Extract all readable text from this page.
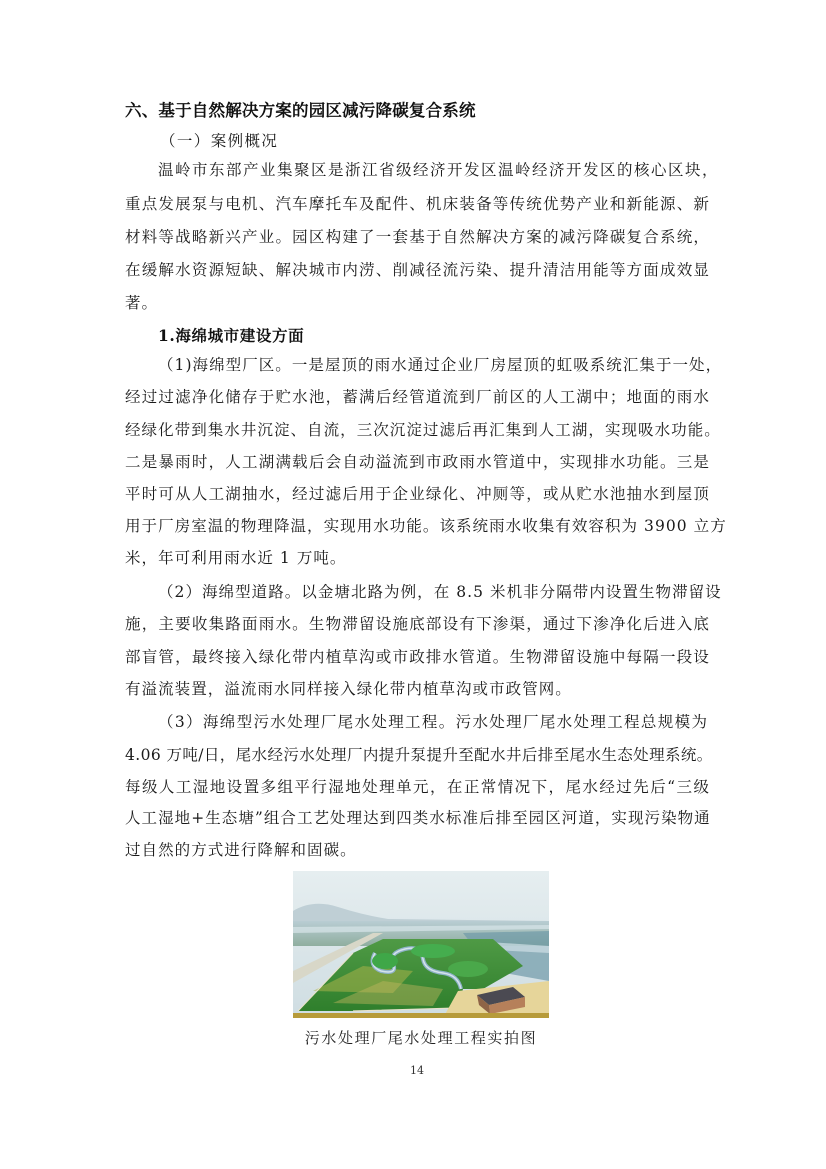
六、基于自然解决方案的园区减污降碳复合系统
（一）案例概况
温岭市东部产业集聚区是浙江省级经济开发区温岭经济开发区的核心区块，
重点发展泵与电机、汽车摩托车及配件、机床装备等传统优势产业和新能源、新
材料等战略新兴产业。园区构建了一套基于自然解决方案的减污降碳复合系统，
在缓解水资源短缺、解决城市内涝、削减径流污染、提升清洁用能等方面成效显
著。
1.海绵城市建设方面
（1)海绵型厂区。一是屋顶的雨水通过企业厂房屋顶的虹吸系统汇集于一处，
经过过滤净化储存于贮水池，蓄满后经管道流到厂前区的人工湖中；地面的雨水
经绿化带到集水井沉淀、自流，三次沉淀过滤后再汇集到人工湖，实现吸水功能。
二是暴雨时，人工湖满载后会自动溢流到市政雨水管道中，实现排水功能。三是
平时可从人工湖抽水，经过滤后用于企业绿化、冲厕等，或从贮水池抽水到屋顶
用于厂房室温的物理降温，实现用水功能。该系统雨水收集有效容积为 3900 立方
米，年可利用雨水近 1 万吨。
（2）海绵型道路。以金塘北路为例，在 8.5 米机非分隔带内设置生物滞留设
施，主要收集路面雨水。生物滞留设施底部设有下渗渠，通过下渗净化后进入底
部盲管，最终接入绿化带内植草沟或市政排水管道。生物滞留设施中每隔一段设
有溢流装置，溢流雨水同样接入绿化带内植草沟或市政管网。
（3）海绵型污水处理厂尾水处理工程。污水处理厂尾水处理工程总规模为
4.06 万吨/日，尾水经污水处理厂内提升泵提升至配水井后排至尾水生态处理系统。
每级人工湿地设置多组平行湿地处理单元，在正常情况下，尾水经过先后“三级
人工湿地+生态塘”组合工艺处理达到四类水标准后排至园区河道，实现污染物通
过自然的方式进行降解和固碳。
污水处理厂尾水处理工程实拍图
14
